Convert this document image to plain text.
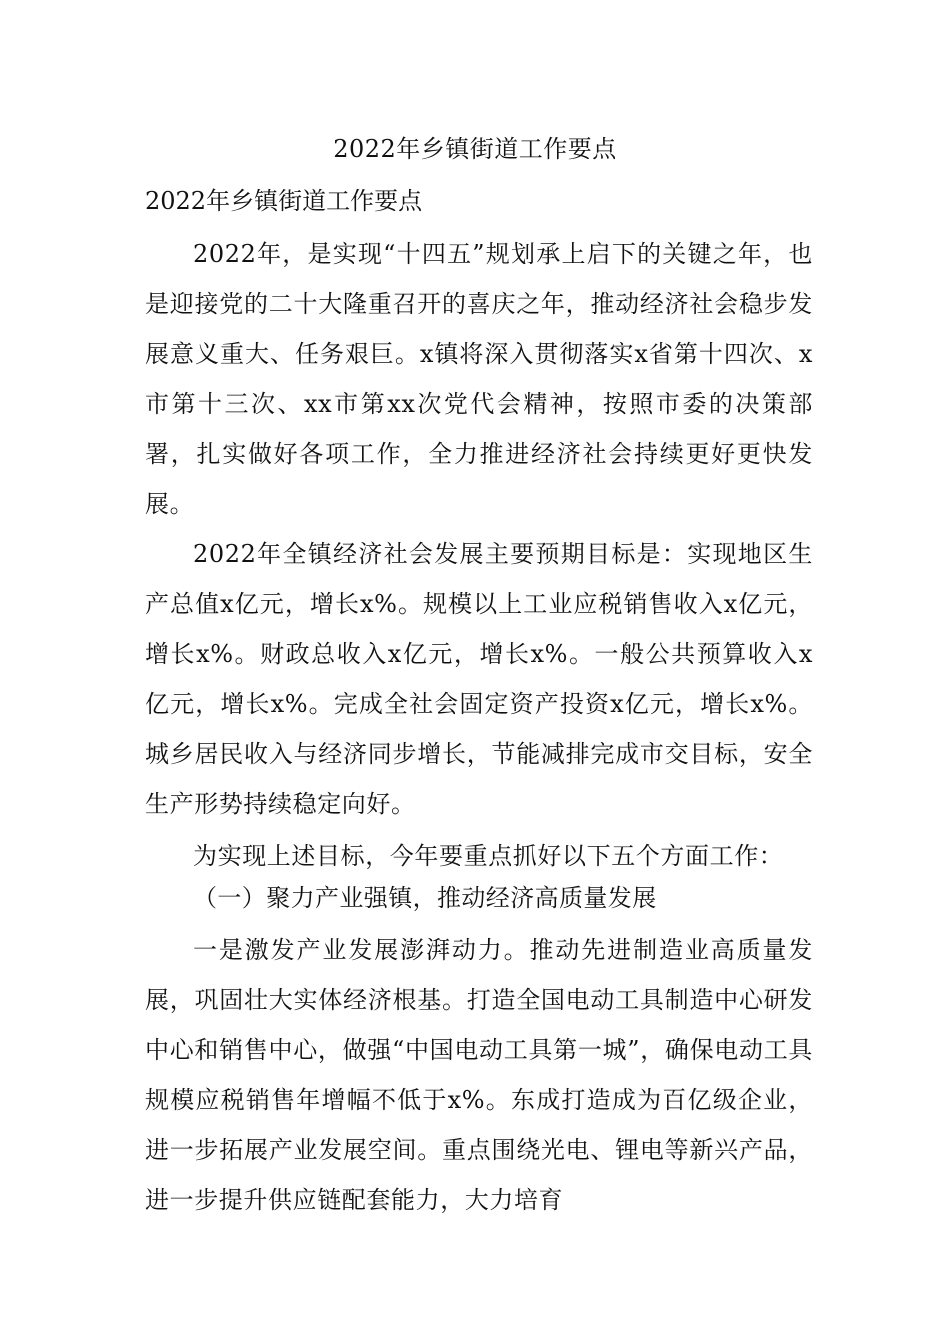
2022年乡镇街道工作要点
2022年乡镇街道工作要点

2022年，是实现“十四五”规划承上启下的关键之年，也是迎接党的二十大隆重召开的喜庆之年，推动经济社会稳步发展意义重大、任务艰巨。x镇将深入贯彻落实x省第十四次、x市第十三次、xx市第xx次党代会精神，按照市委的决策部署，扎实做好各项工作，全力推进经济社会持续更好更快发展。

2022年全镇经济社会发展主要预期目标是：实现地区生产总值x亿元，增长x%。规模以上工业应税销售收入x亿元，增长x%。财政总收入x亿元，增长x%。一般公共预算收入x亿元，增长x%。完成全社会固定资产投资x亿元，增长x%。城乡居民收入与经济同步增长，节能减排完成市交目标，安全生产形势持续稳定向好。

为实现上述目标，今年要重点抓好以下五个方面工作：

（一）聚力产业强镇，推动经济高质量发展

一是激发产业发展澎湃动力。推动先进制造业高质量发展，巩固壮大实体经济根基。打造全国电动工具制造中心研发中心和销售中心，做强“中国电动工具第一城”，确保电动工具规模应税销售年增幅不低于x%。东成打造成为百亿级企业，进一步拓展产业发展空间。重点围绕光电、锂电等新兴产品，进一步提升供应链配套能力，大力培育
